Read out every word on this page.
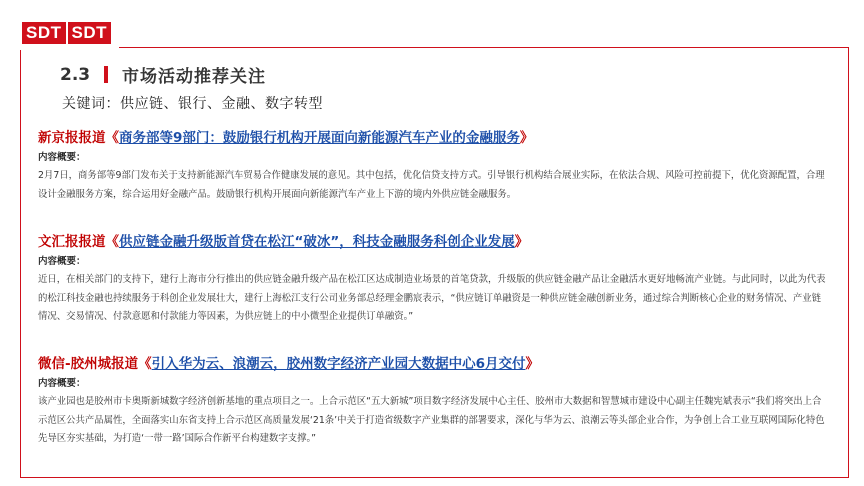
SDT SDT
2.3	市场活动推荐关注
关键词：供应链、银行、金融、数字转型
新京报报道《商务部等9部门：鼓励银行机构开展面向新能源汽车产业的金融服务》
内容概要：
2月7日，商务部等9部门发布关于支持新能源汽车贸易合作健康发展的意见。其中包括，优化信贷支持方式。引导银行机构结合展业实际，在依法合规、风险可控前提下，优化资源配置，合理设计金融服务方案，综合运用好金融产品。鼓励银行机构开展面向新能源汽车产业上下游的境内外供应链金融服务。
文汇报报道《供应链金融升级版首贷在松江“破冰”，科技金融服务科创企业发展》
内容概要：
近日，在相关部门的支持下，建行上海市分行推出的供应链金融升级产品在松江区达成制造业场景的首笔贷款，升级版的供应链金融产品让金融活水更好地畅流产业链。与此同时，以此为代表的松江科技金融也持续服务于科创企业发展壮大，建行上海松江支行公司业务部总经理金鹏宸表示，“供应链订单融资是一种供应链金融创新业务，通过综合判断核心企业的财务情况、产业链情况、交易情况、付款意愿和付款能力等因素，为供应链上的中小微型企业提供订单融资。”
微信-胶州城报道《引入华为云、浪潮云，胶州数字经济产业园大数据中心6月交付》
内容概要：
该产业园也是胶州市卡奥斯新城数字经济创新基地的重点项目之一。上合示范区“五大新城”项目数字经济发展中心主任、胶州市大数据和智慧城市建设中心副主任魏宪斌表示“我们将突出上合示范区公共产品属性，全面落实山东省支持上合示范区高质量发展‘21条’中关于打造省级数字产业集群的部署要求，深化与华为云、浪潮云等头部企业合作，为争创上合工业互联网国际化特色先导区夯实基础，为打造‘一带一路’国际合作新平台构建数字支撑。”
